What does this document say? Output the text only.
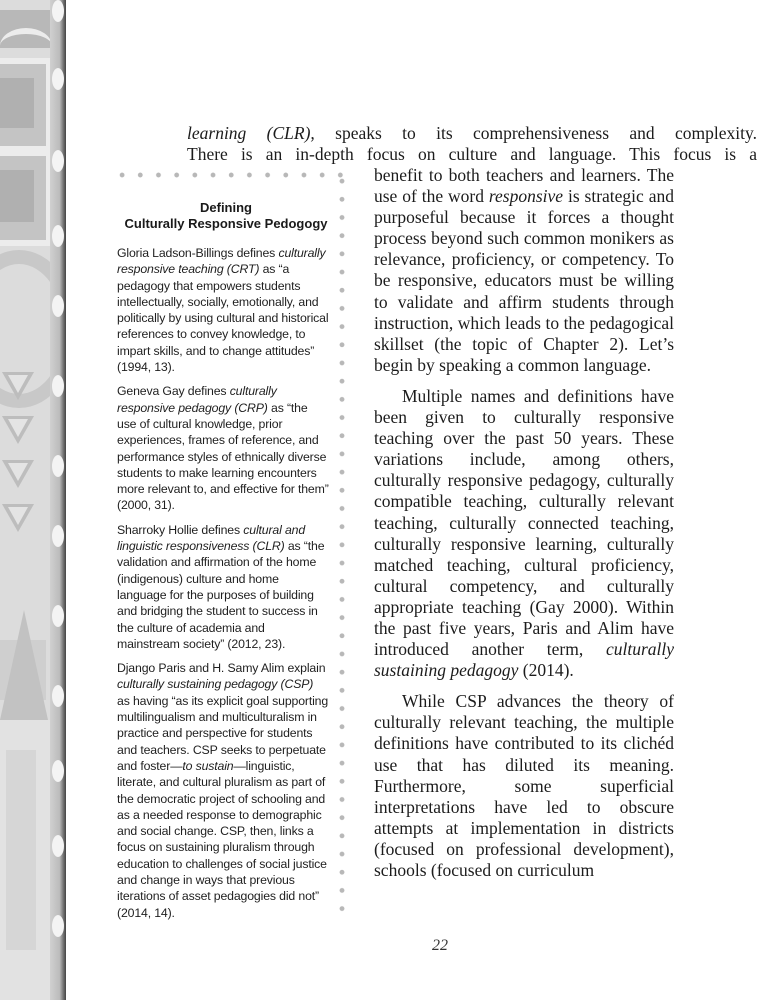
learning (CLR), speaks to its comprehensiveness and complexity.
There is an in-depth focus on culture and language. This focus is a
Defining
Culturally Responsive Pedogogy

Gloria Ladson-Billings defines culturally responsive teaching (CRT) as “a pedagogy that empowers students intellectually, socially, emotionally, and politically by using cultural and historical references to convey knowledge, to impart skills, and to change attitudes” (1994, 13).

Geneva Gay defines culturally responsive pedagogy (CRP) as “the use of cultural knowledge, prior experiences, frames of reference, and performance styles of ethnically diverse students to make learning encounters more relevant to, and effective for them” (2000, 31).

Sharroky Hollie defines cultural and linguistic responsiveness (CLR) as “the validation and affirmation of the home (indigenous) culture and home language for the purposes of building and bridging the student to success in the culture of academia and mainstream society” (2012, 23).

Django Paris and H. Samy Alim explain culturally sustaining pedagogy (CSP) as having “as its explicit goal supporting multilingualism and multiculturalism in practice and perspective for students and teachers. CSP seeks to perpetuate and foster—to sustain—linguistic, literate, and cultural pluralism as part of the democratic project of schooling and as a needed response to demographic and social change. CSP, then, links a focus on sustaining pluralism through education to challenges of social justice and change in ways that previous iterations of asset pedagogies did not” (2014, 14).

benefit to both teachers and learners. The use of the word responsive is strategic and purposeful because it forces a thought process beyond such common monikers as relevance, proficiency, or competency. To be responsive, educators must be willing to validate and affirm students through instruction, which leads to the pedagogical skillset (the topic of Chapter 2). Let’s begin by speaking a common language.

Multiple names and definitions have been given to culturally responsive teaching over the past 50 years. These variations include, among others, culturally responsive pedagogy, culturally compatible teaching, culturally relevant teaching, culturally connected teaching, culturally responsive learning, culturally matched teaching, cultural proficiency, cultural competency, and culturally appropriate teaching (Gay 2000). Within the past five years, Paris and Alim have introduced another term, culturally sustaining pedagogy (2014).

While CSP advances the theory of culturally relevant teaching, the multiple definitions have contributed to its clichéd use that has diluted its meaning. Furthermore, some superficial interpretations have led to obscure attempts at implementation in districts (focused on professional development), schools (focused on curriculum

22
